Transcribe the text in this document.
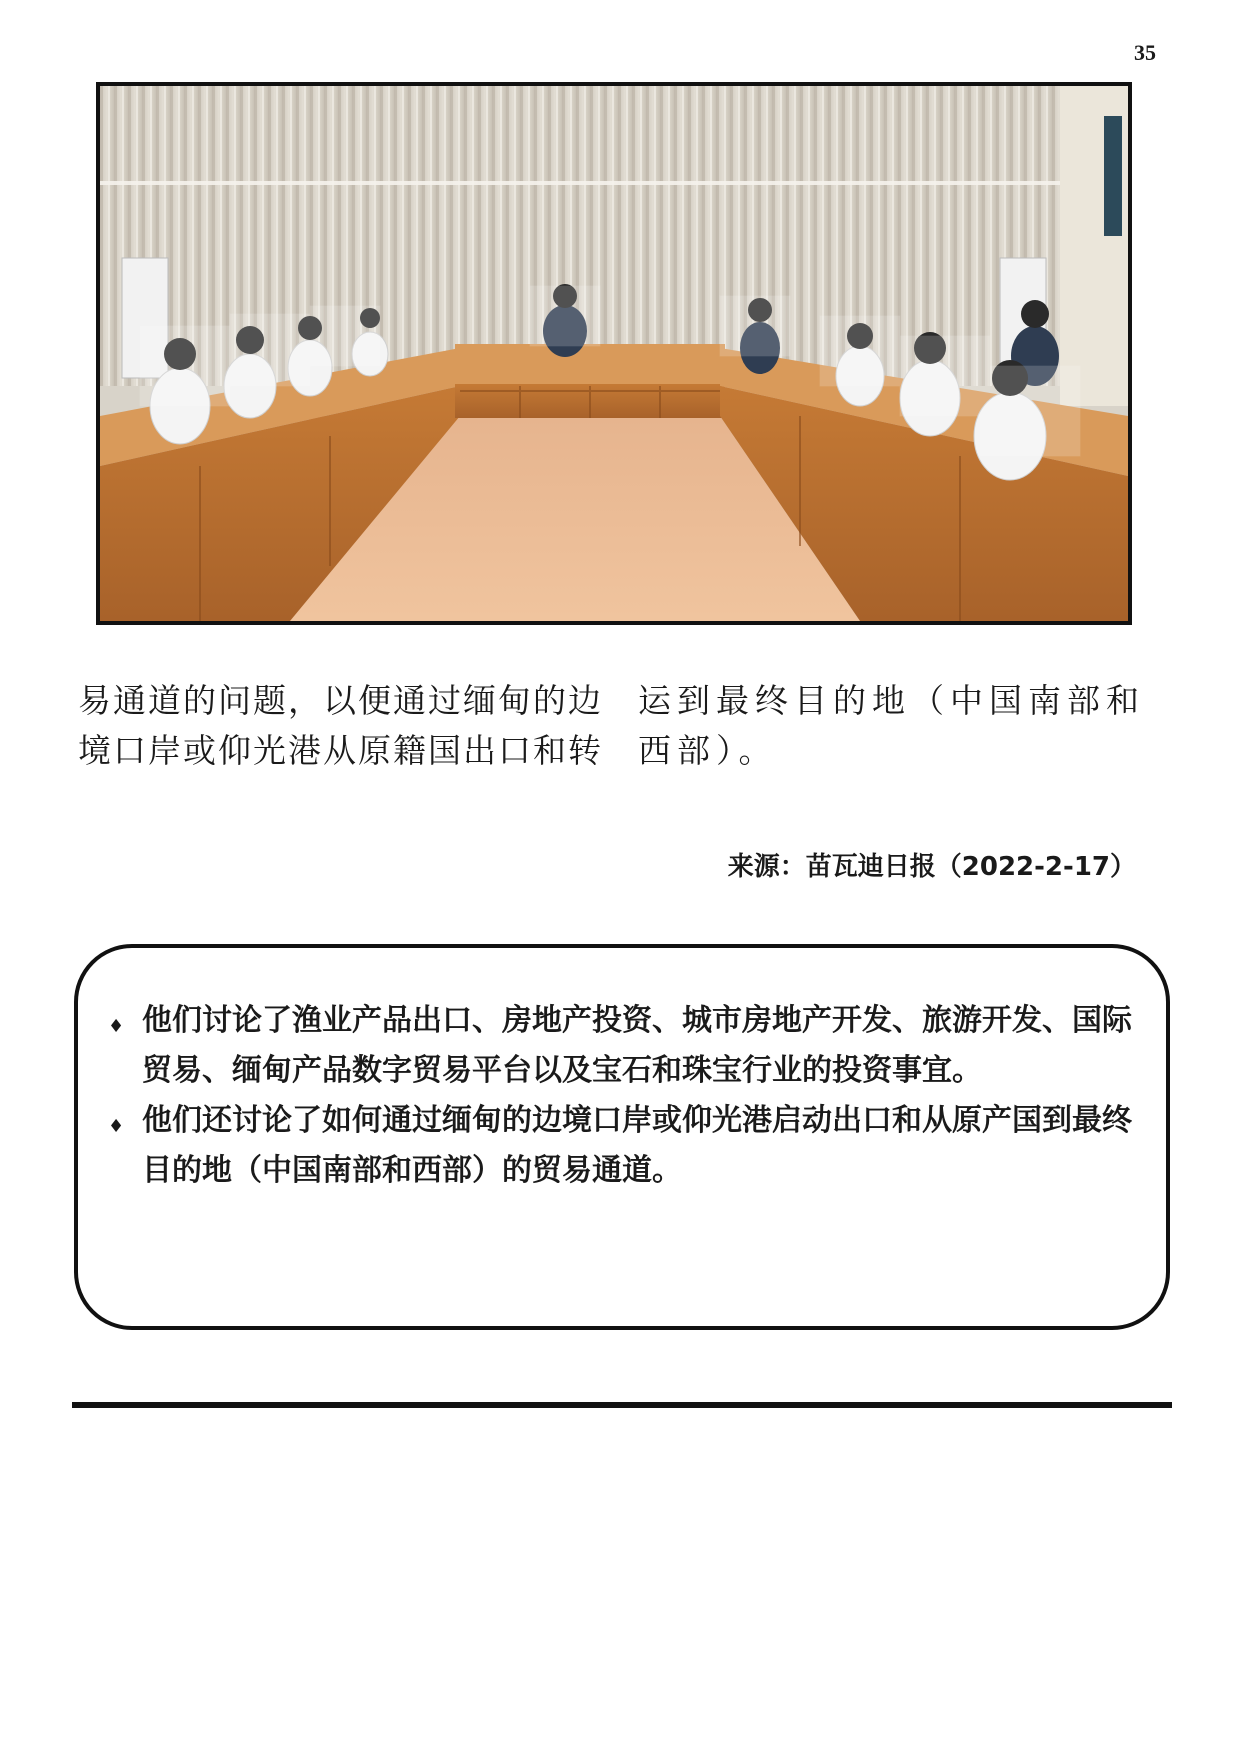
35
易通道的问题，以便通过缅甸的边境口岸或仰光港从原籍国出口和转
运到最终目的地（中国南部和西部）。
来源：苗瓦迪日报（2022-2-17）
♦ 他们讨论了渔业产品出口、房地产投资、城市房地产开发、旅游开发、国际贸易、缅甸产品数字贸易平台以及宝石和珠宝行业的投资事宜。
♦ 他们还讨论了如何通过缅甸的边境口岸或仰光港启动出口和从原产国到最终目的地（中国南部和西部）的贸易通道。
